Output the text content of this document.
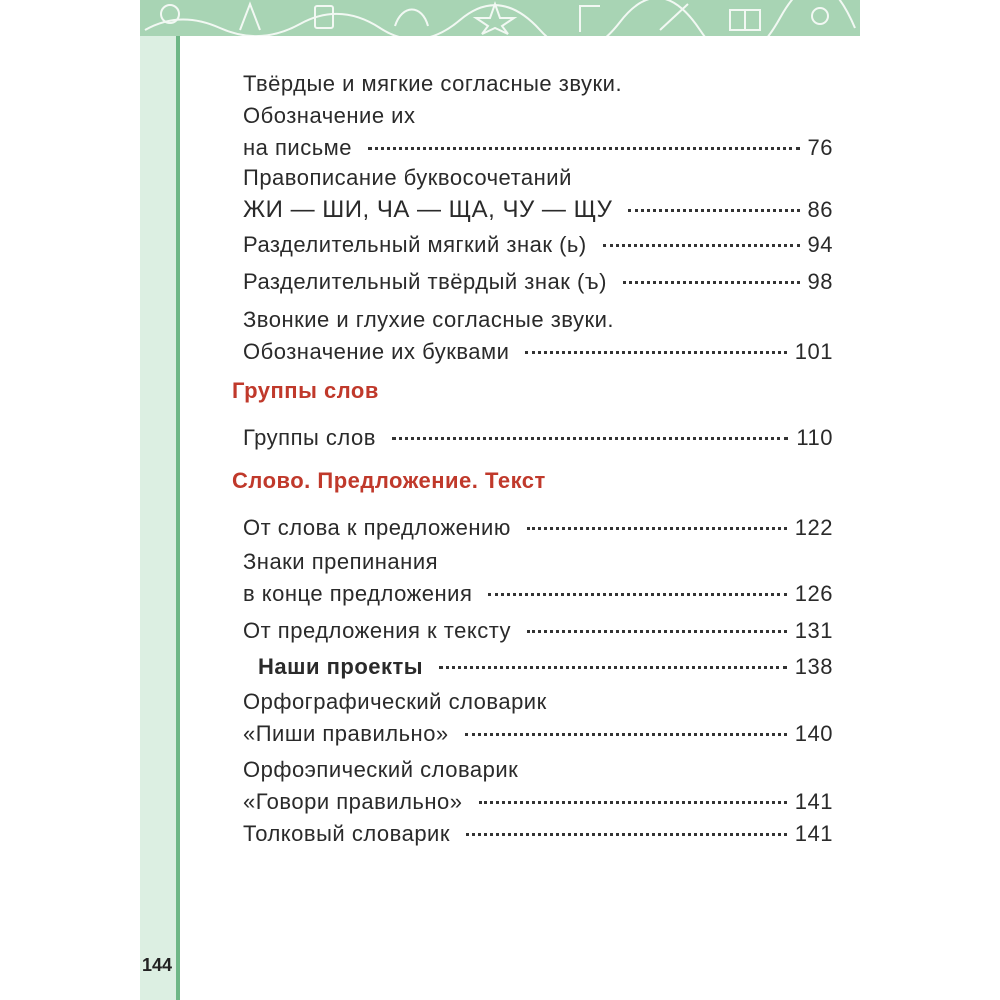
Твёрдые и мягкие согласные звуки.
Обозначение их
на письме	76
Правописание буквосочетаний
ЖИ — ШИ, ЧА — ЩА, ЧУ — ЩУ	86
Разделительный мягкий знак (ь)	94
Разделительный твёрдый знак (ъ)	98
Звонкие и глухие согласные звуки.
Обозначение их буквами	101
Группы слов
Группы слов	110
Слово. Предложение. Текст
От слова к предложению	122
Знаки препинания
в конце предложения	126
От предложения к тексту	131
Наши проекты	138
Орфографический словарик
«Пиши правильно»	140
Орфоэпический словарик
«Говори правильно»	141
Толковый словарик	141
144
